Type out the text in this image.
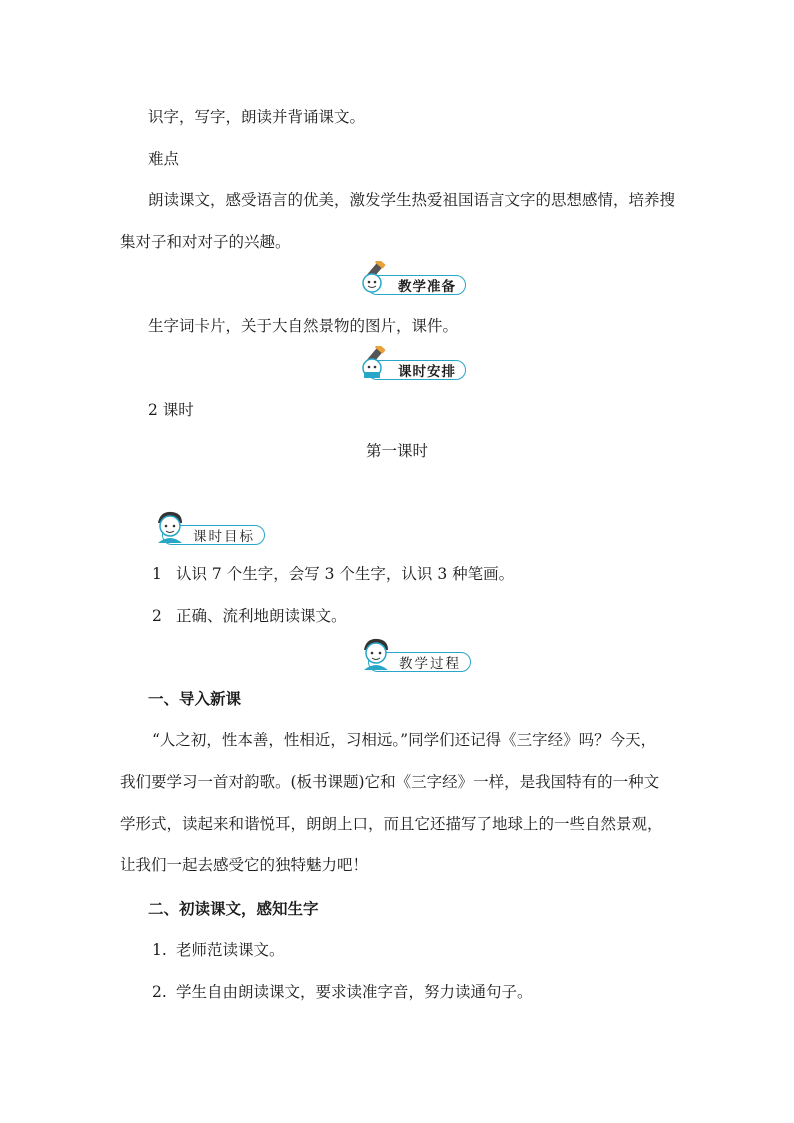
识字，写字，朗读并背诵课文。
难点
朗读课文，感受语言的优美，激发学生热爱祖国语言文字的思想感情，培养搜
集对子和对对子的兴趣。
教学准备
生字词卡片，关于大自然景物的图片，课件。
课时安排
2 课时
第一课时
课时目标
1 认识 7 个生字，会写 3 个生字，认识 3 种笔画。
2 正确、流利地朗读课文。
教学过程
一、导入新课
“人之初，性本善，性相近，习相远。”同学们还记得《三字经》吗？今天，
我们要学习一首对韵歌。(板书课题)它和《三字经》一样，是我国特有的一种文
学形式，读起来和谐悦耳，朗朗上口，而且它还描写了地球上的一些自然景观，
让我们一起去感受它的独特魅力吧！
二、初读课文，感知生字
1. 老师范读课文。
2. 学生自由朗读课文，要求读准字音，努力读通句子。
